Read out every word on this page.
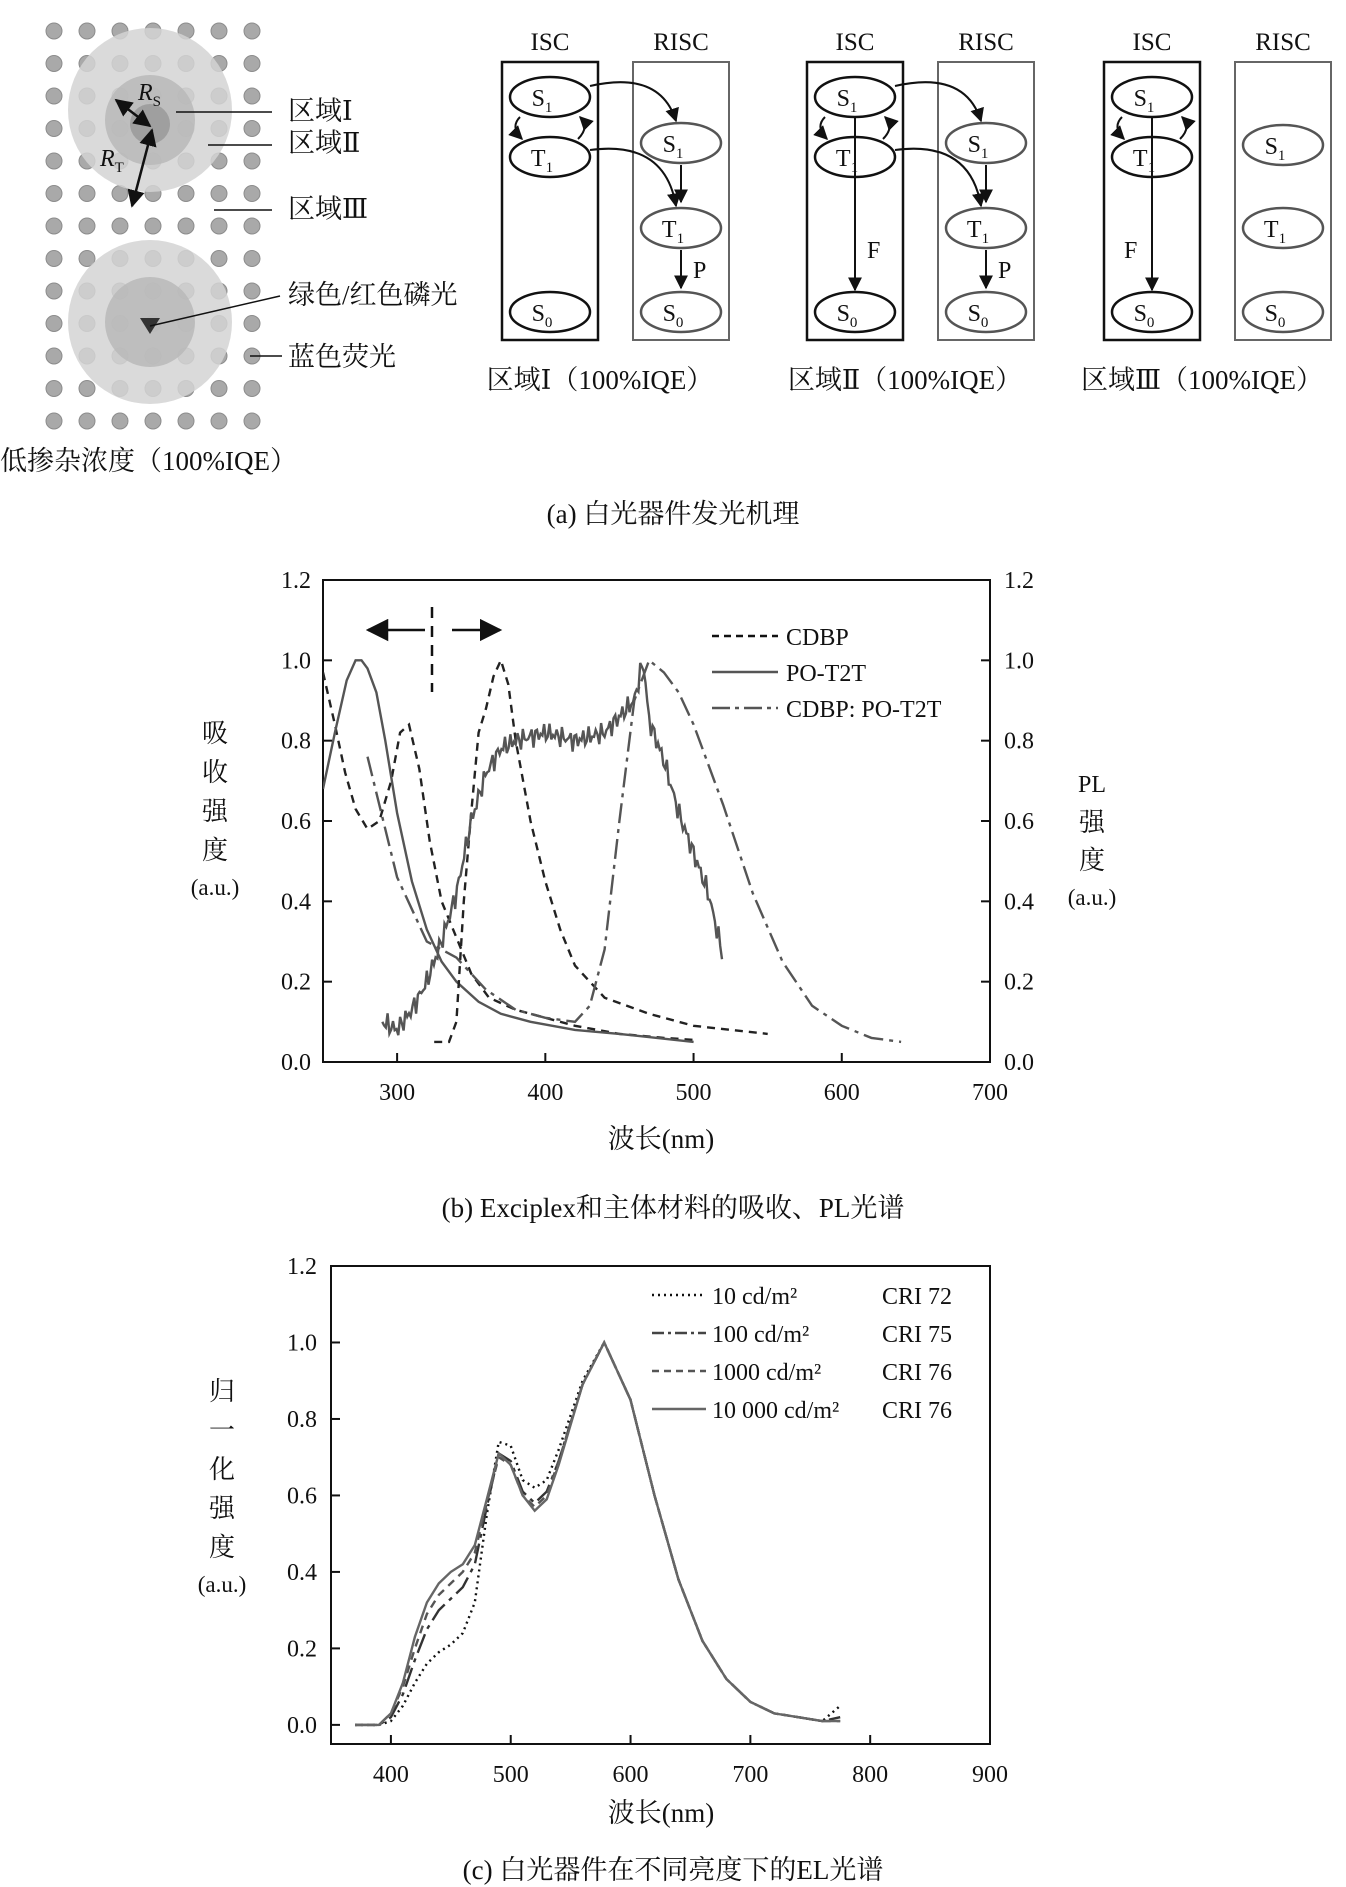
$R_S$
$R_T$
区域Ⅰ
区域Ⅱ
区域Ⅲ
绿色/红色磷光
蓝色荧光
低掺杂浓度（100%IQE）
ISC	RISC
$S_1$
$T_1$
$S_0$
$S_1$
$T_1$
$S_0$
P
区域Ⅰ（100%IQE）
ISC	RISC
$S_1$
$T_1$
$S_0$
$S_1$
$T_1$
$S_0$
P
F
区域Ⅱ（100%IQE）
ISC	RISC
$S_1$
$T_1$
$S_0$
$S_1$
$T_1$
$S_0$
F
区域Ⅲ（100%IQE）
300	400	500	600	700
0.0	0.0
0.2	0.2
0.4	0.4
0.6	0.6
0.8	0.8
1.0	1.0
1.2	1.2
CDBP
PO-T2T
CDBP: PO-T2T
吸
收
强
度
(a.u.)
PL
强
度
(a.u.)
波长(nm)
400	500	600	700	800	900
0.0
0.2
0.4
0.6
0.8
1.0
1.2
10 cd/m²	CRI 72
100 cd/m²	CRI 75
1000 cd/m²	CRI 76
10 000 cd/m² CRI 76
归
一
化
强
度
(a.u.)
波长(nm)
(a) 白光器件发光机理
(b) Exciplex和主体材料的吸收、PL光谱
(c) 白光器件在不同亮度下的EL光谱
